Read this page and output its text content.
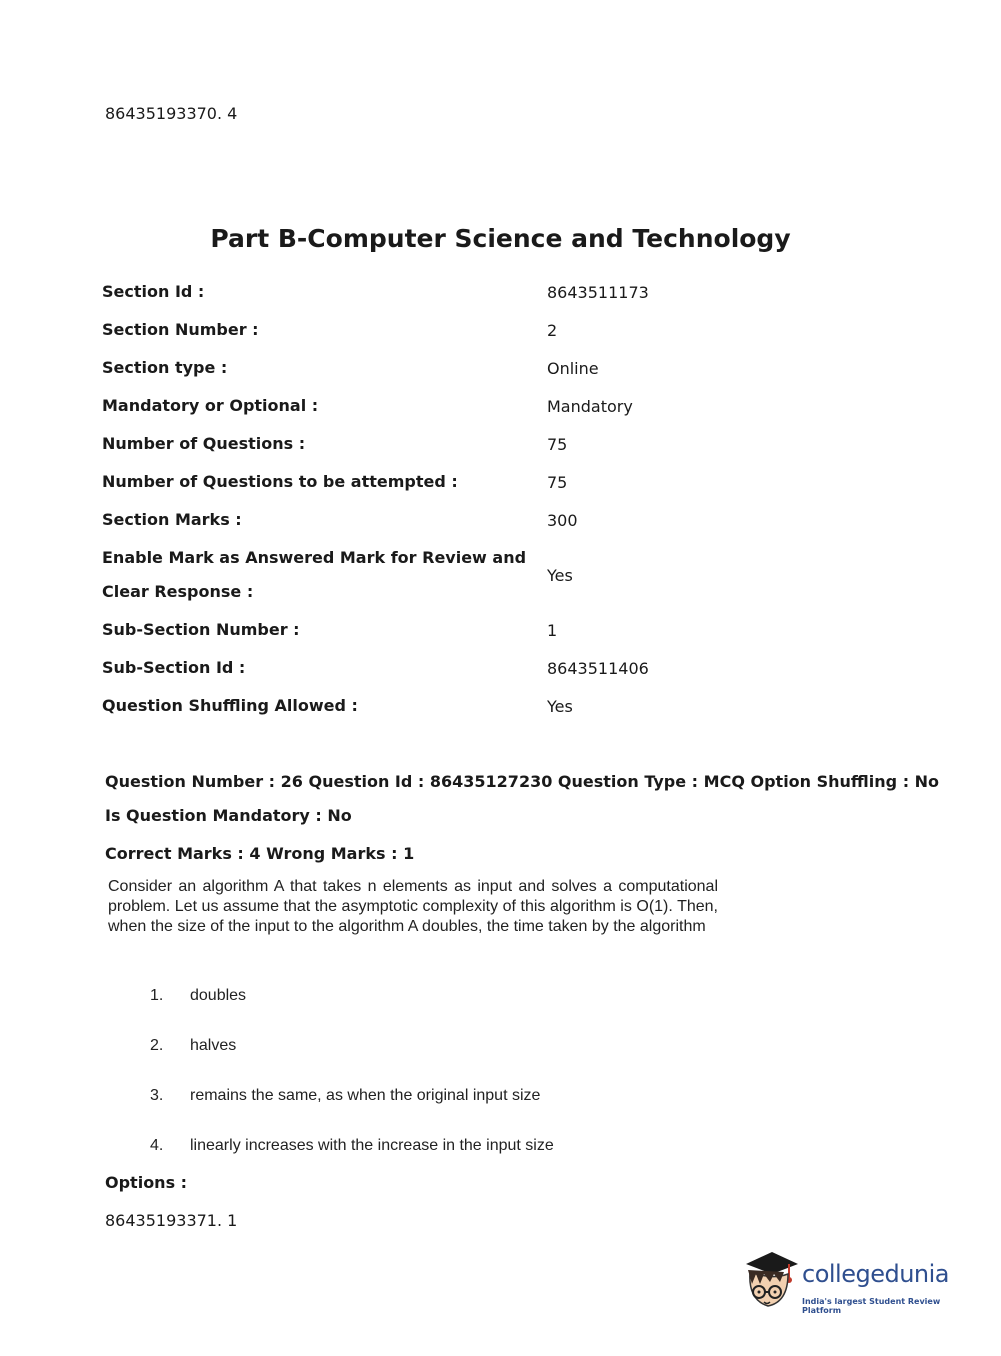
86435193370. 4
Part B-Computer Science and Technology
Section Id :	8643511173
Section Number :	2
Section type :	Online
Mandatory or Optional :	Mandatory
Number of Questions :	75
Number of Questions to be attempted :	75
Section Marks :	300
Enable Mark as Answered Mark for Review and
Clear Response :
Yes
Sub-Section Number :	1
Sub-Section Id :	8643511406
Question Shuffling Allowed :	Yes
Question Number : 26 Question Id : 86435127230 Question Type : MCQ Option Shuffling : No
Is Question Mandatory : No
Correct Marks : 4 Wrong Marks : 1
Consider an algorithm A that takes n elements as input and solves a computational problem. Let us assume that the asymptotic complexity of this algorithm is O(1). Then, when the size of the input to the algorithm A doubles, the time taken by the algorithm
1.	doubles
2.	halves
3.	remains the same, as when the original input size
4.	linearly increases with the increase in the input size
Options :
86435193371. 1
collegedunia
India's largest Student Review Platform
